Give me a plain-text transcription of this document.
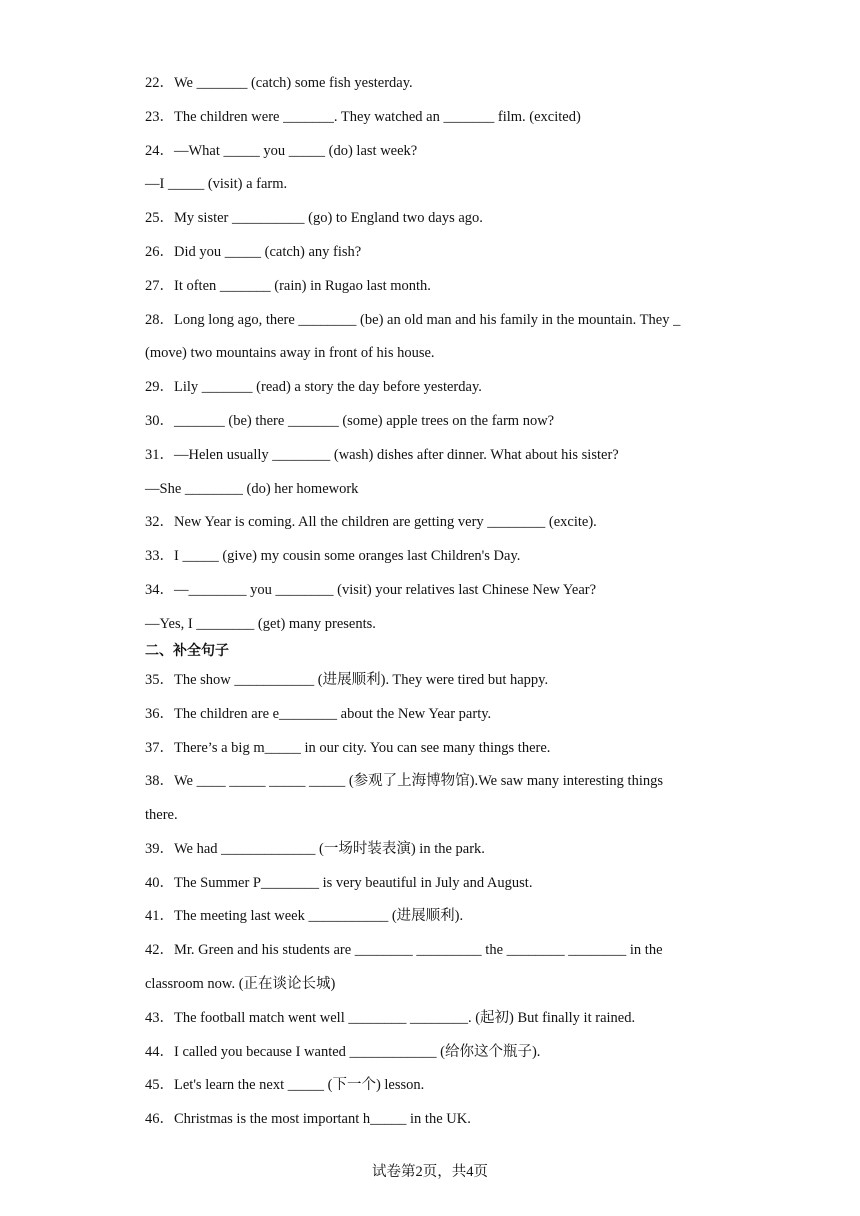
22．We _______ (catch) some fish yesterday.
23．The children were _______. They watched an _______ film. (excited)
24．—What _____ you _____ (do) last week?
—I _____ (visit) a farm.
25．My sister __________ (go) to England two days ago.
26．Did you _____ (catch) any fish?
27．It often _______ (rain) in Rugao last month.
28．Long long ago, there ________ (be) an old man and his family in the mountain. They _
(move) two mountains away in front of his house.
29．Lily _______ (read) a story the day before yesterday.
30．_______ (be) there _______ (some) apple trees on the farm now?
31．—Helen usually ________ (wash) dishes after dinner. What about his sister?
—She ________ (do) her homework
32．New Year is coming. All the children are getting very ________ (excite).
33．I _____ (give) my cousin some oranges last Children's Day.
34．—________ you ________ (visit) your relatives last Chinese New Year?
—Yes, I ________ (get) many presents.
二、补全句子
35．The show ___________ (进展顺利). They were tired but happy.
36．The children are e________ about the New Year party.
37．There’s a big m_____ in our city. You can see many things there.
38．We ____ _____ _____ _____ (参观了上海博物馆).We saw many interesting things
there.
39．We had _____________ (一场时装表演) in the park.
40．The Summer P________ is very beautiful in July and August.
41．The meeting last week ___________ (进展顺利).
42．Mr. Green and his students are ________ _________ the ________ ________ in the
classroom now. (正在谈论长城)
43．The football match went well ________ ________. (起初) But finally it rained.
44．I called you because I wanted ____________ (给你这个瓶子).
45．Let's learn the next _____ (下一个) lesson.
46．Christmas is the most important h_____ in the UK.
试卷第2页，共4页
